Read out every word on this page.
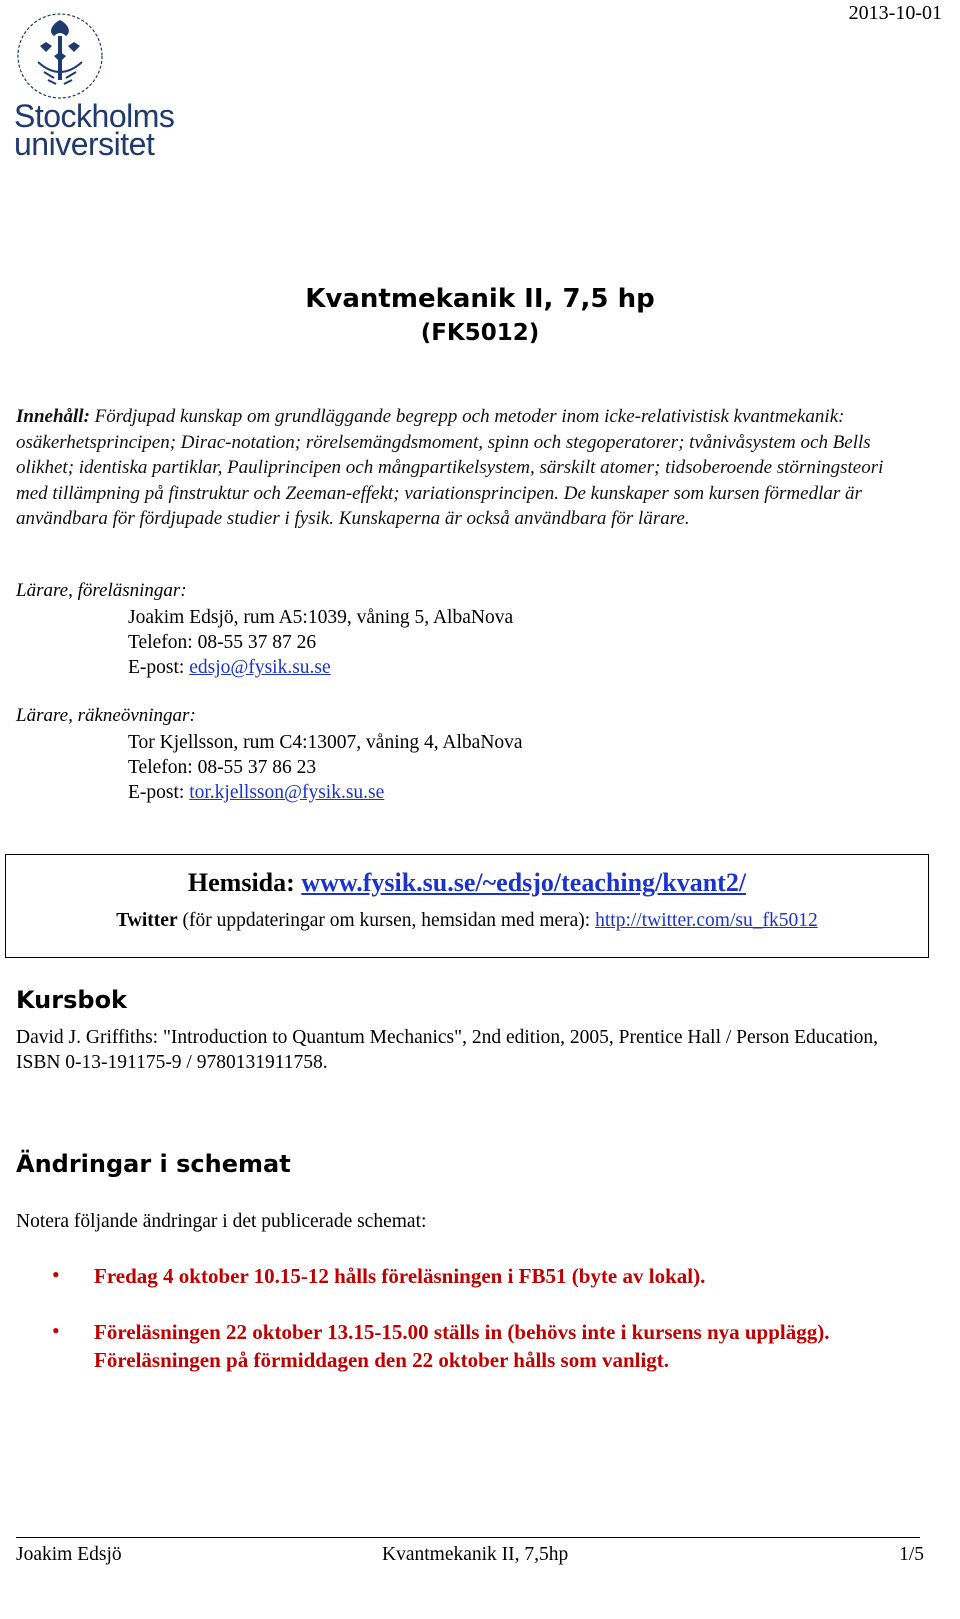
2013-10-01
Stockholms
universitet
Kvantmekanik II, 7,5 hp
(FK5012)
Innehåll: Fördjupad kunskap om grundläggande begrepp och metoder inom icke-relativistisk kvantmekanik: osäkerhetsprincipen; Dirac-notation; rörelsemängdsmoment, spinn och stegoperatorer; tvånivåsystem och Bells olikhet; identiska partiklar, Pauliprincipen och mångpartikelsystem, särskilt atomer; tidsoberoende störningsteori med tillämpning på finstruktur och Zeeman-effekt; variationsprincipen. De kunskaper som kursen förmedlar är användbara för fördjupade studier i fysik. Kunskaperna är också användbara för lärare.
Lärare, föreläsningar:
Joakim Edsjö, rum A5:1039, våning 5, AlbaNova
Telefon: 08-55 37 87 26
E-post: edsjo@fysik.su.se
Lärare, räkneövningar:
Tor Kjellsson, rum C4:13007, våning 4, AlbaNova
Telefon: 08-55 37 86 23
E-post: tor.kjellsson@fysik.su.se
Hemsida: www.fysik.su.se/~edsjo/teaching/kvant2/
Twitter (för uppdateringar om kursen, hemsidan med mera): http://twitter.com/su_fk5012
Kursbok
David J. Griffiths: "Introduction to Quantum Mechanics", 2nd edition, 2005, Prentice Hall / Person Education, ISBN 0-13-191175-9 / 9780131911758.
Ändringar i schemat
Notera följande ändringar i det publicerade schemat:
• Fredag 4 oktober 10.15-12 hålls föreläsningen i FB51 (byte av lokal).
• Föreläsningen 22 oktober 13.15-15.00 ställs in (behövs inte i kursens nya upplägg). Föreläsningen på förmiddagen den 22 oktober hålls som vanligt.
Joakim Edsjö	Kvantmekanik II, 7,5hp	1/5
